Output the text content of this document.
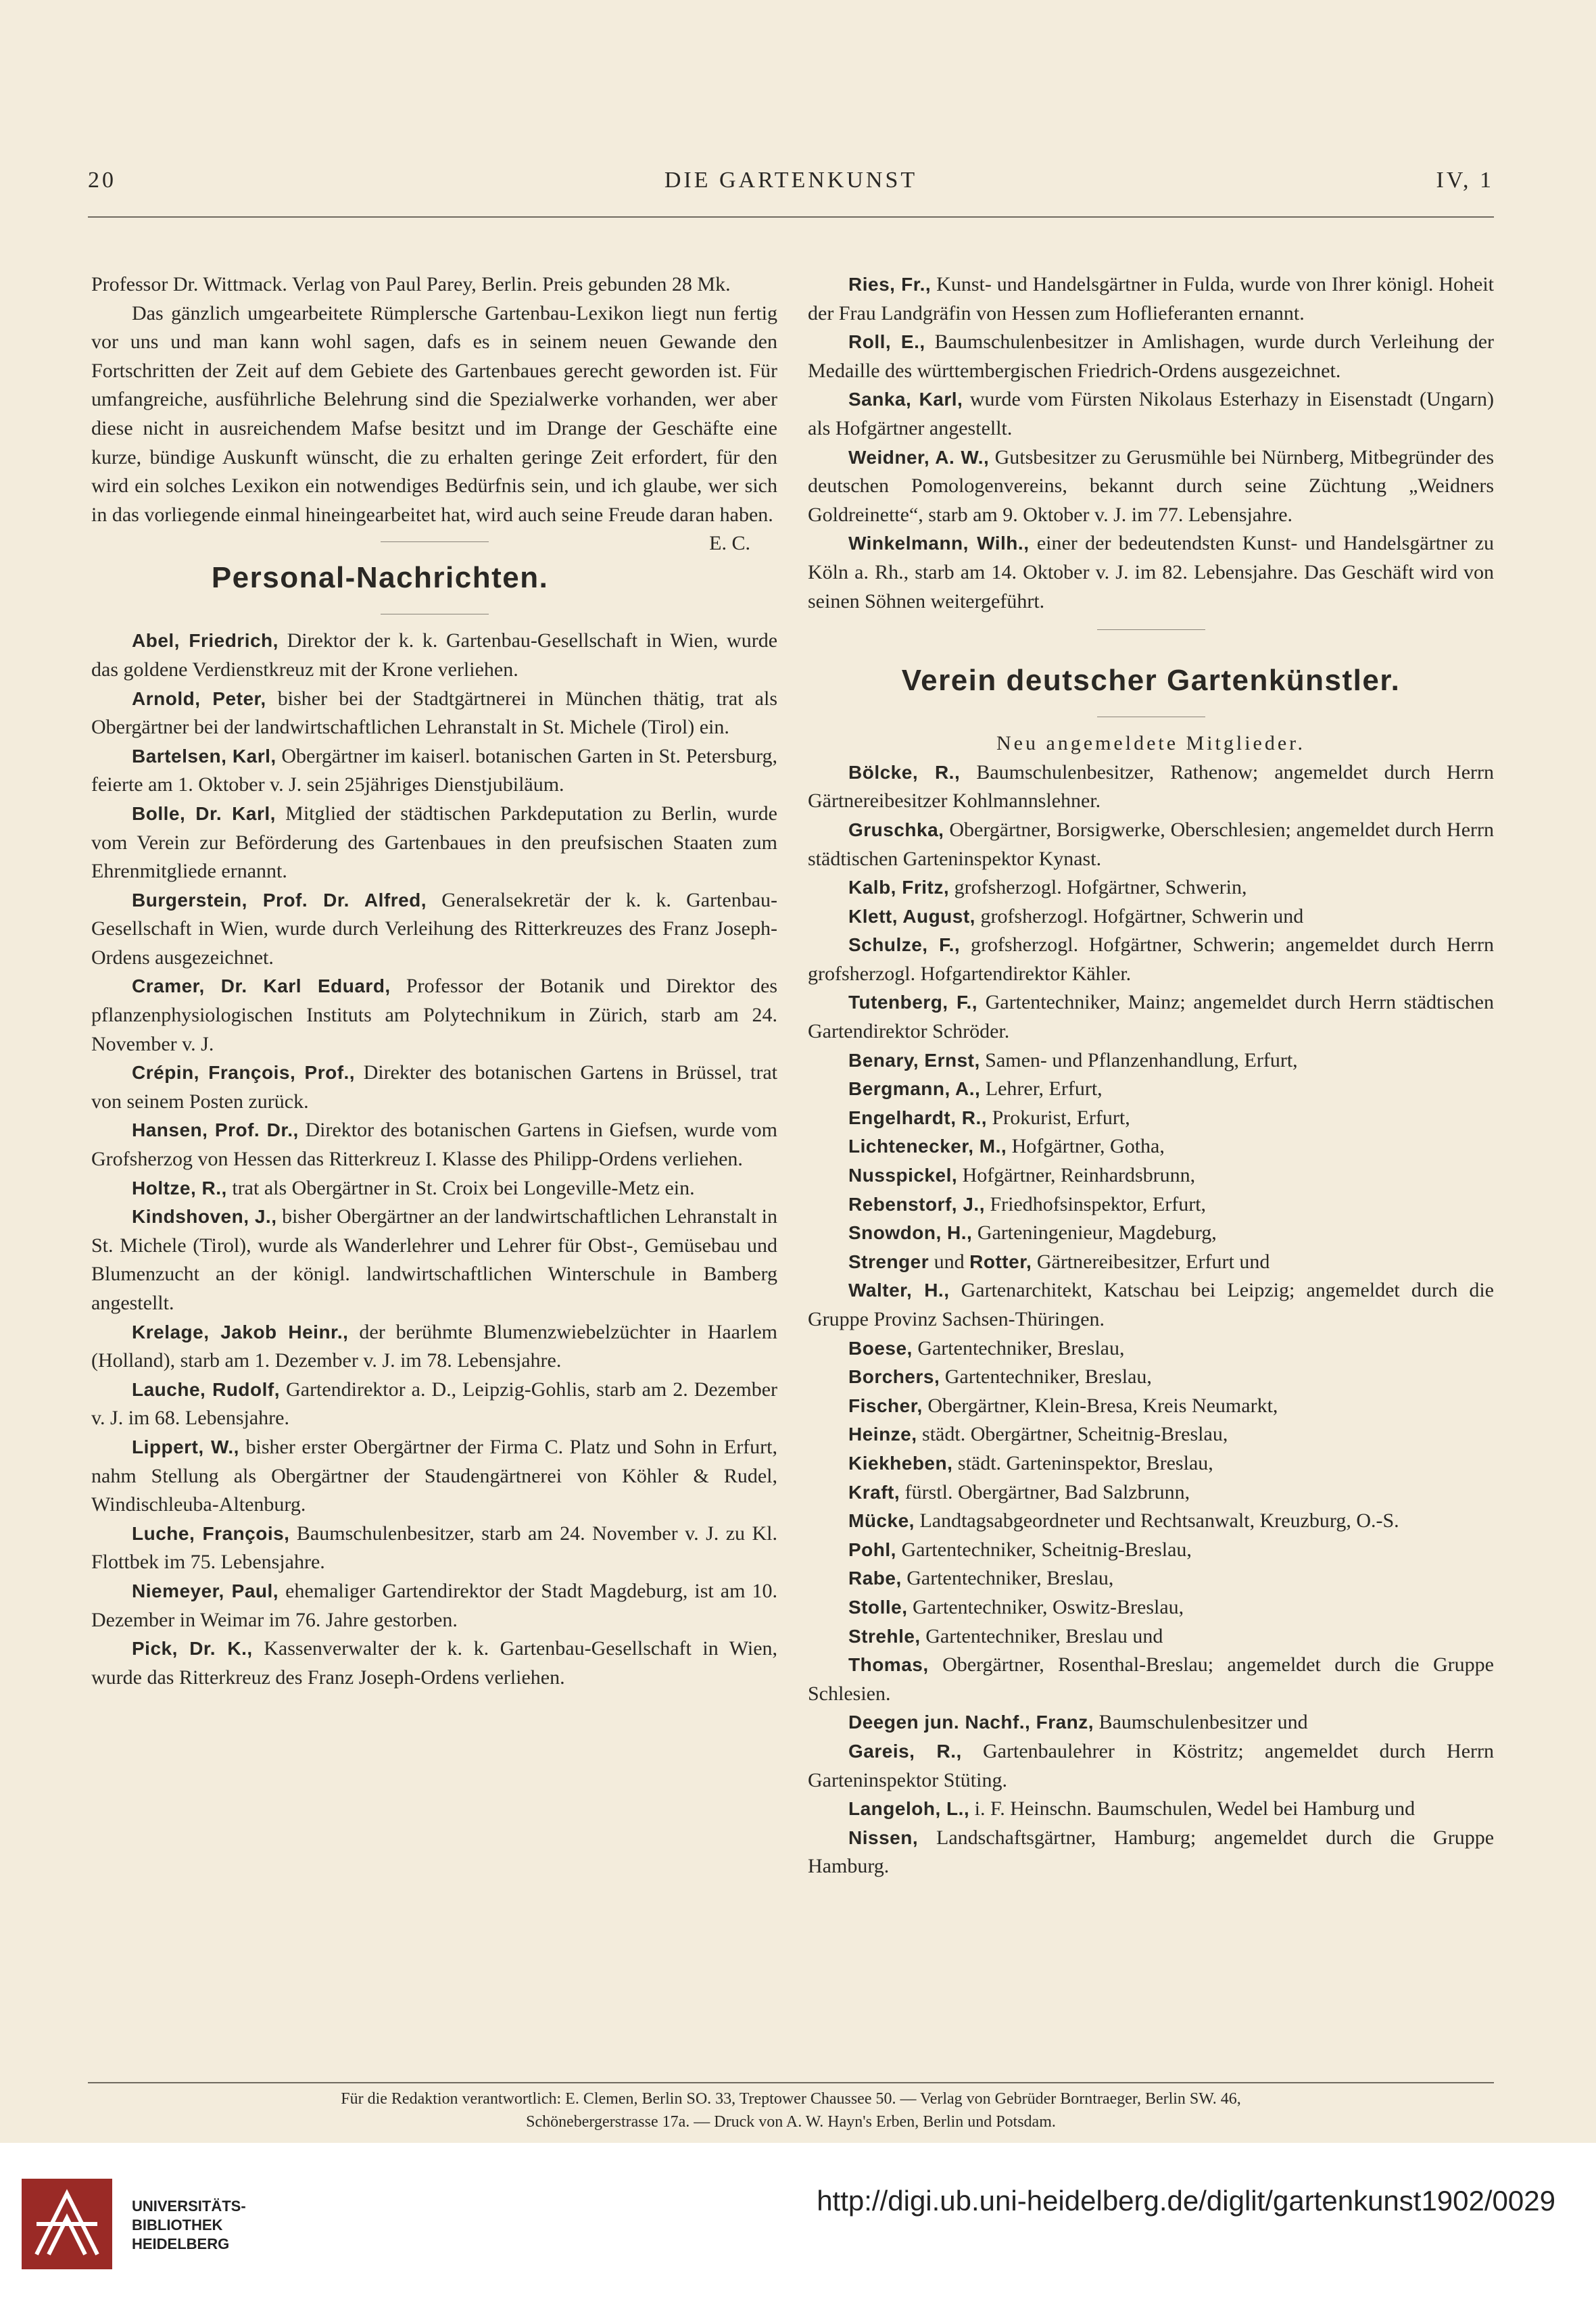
20	DIE GARTENKUNST	IV, 1

Professor Dr. Wittmack. Verlag von Paul Parey, Berlin. Preis gebunden 28 Mk.

Das gänzlich umgearbeitete Rümplersche Gartenbau-Lexikon liegt nun fertig vor uns und man kann wohl sagen, dafs es in seinem neuen Gewande den Fortschritten der Zeit auf dem Gebiete des Gartenbaues gerecht geworden ist. Für umfangreiche, ausführliche Belehrung sind die Spezialwerke vorhanden, wer aber diese nicht in ausreichendem Mafse besitzt und im Drange der Geschäfte eine kurze, bündige Auskunft wünscht, die zu erhalten geringe Zeit erfordert, für den wird ein solches Lexikon ein notwendiges Bedürfnis sein, und ich glaube, wer sich in das vorliegende einmal hineingearbeitet hat, wird auch seine Freude daran haben.
E. C.

Personal-Nachrichten.

Abel, Friedrich, Direktor der k. k. Gartenbau-Gesellschaft in Wien, wurde das goldene Verdienstkreuz mit der Krone verliehen.

Arnold, Peter, bisher bei der Stadtgärtnerei in München thätig, trat als Obergärtner bei der landwirtschaftlichen Lehranstalt in St. Michele (Tirol) ein.

Bartelsen, Karl, Obergärtner im kaiserl. botanischen Garten in St. Petersburg, feierte am 1. Oktober v. J. sein 25jähriges Dienstjubiläum.

Bolle, Dr. Karl, Mitglied der städtischen Parkdeputation zu Berlin, wurde vom Verein zur Beförderung des Gartenbaues in den preufsischen Staaten zum Ehrenmitgliede ernannt.

Burgerstein, Prof. Dr. Alfred, Generalsekretär der k. k. Gartenbau-Gesellschaft in Wien, wurde durch Verleihung des Ritterkreuzes des Franz Joseph-Ordens ausgezeichnet.

Cramer, Dr. Karl Eduard, Professor der Botanik und Direktor des pflanzenphysiologischen Instituts am Polytechnikum in Zürich, starb am 24. November v. J.

Crépin, François, Prof., Direkter des botanischen Gartens in Brüssel, trat von seinem Posten zurück.

Hansen, Prof. Dr., Direktor des botanischen Gartens in Giefsen, wurde vom Grofsherzog von Hessen das Ritterkreuz I. Klasse des Philipp-Ordens verliehen.

Holtze, R., trat als Obergärtner in St. Croix bei Longeville-Metz ein.

Kindshoven, J., bisher Obergärtner an der landwirtschaftlichen Lehranstalt in St. Michele (Tirol), wurde als Wanderlehrer und Lehrer für Obst-, Gemüsebau und Blumenzucht an der königl. landwirtschaftlichen Winterschule in Bamberg angestellt.

Krelage, Jakob Heinr., der berühmte Blumenzwiebelzüchter in Haarlem (Holland), starb am 1. Dezember v. J. im 78. Lebensjahre.

Lauche, Rudolf, Gartendirektor a. D., Leipzig-Gohlis, starb am 2. Dezember v. J. im 68. Lebensjahre.

Lippert, W., bisher erster Obergärtner der Firma C. Platz und Sohn in Erfurt, nahm Stellung als Obergärtner der Staudengärtnerei von Köhler & Rudel, Windischleuba-Altenburg.

Luche, François, Baumschulenbesitzer, starb am 24. November v. J. zu Kl. Flottbek im 75. Lebensjahre.

Niemeyer, Paul, ehemaliger Gartendirektor der Stadt Magdeburg, ist am 10. Dezember in Weimar im 76. Jahre gestorben.

Pick, Dr. K., Kassenverwalter der k. k. Gartenbau-Gesellschaft in Wien, wurde das Ritterkreuz des Franz Joseph-Ordens verliehen.

Ries, Fr., Kunst- und Handelsgärtner in Fulda, wurde von Ihrer königl. Hoheit der Frau Landgräfin von Hessen zum Hoflieferanten ernannt.

Roll, E., Baumschulenbesitzer in Amlishagen, wurde durch Verleihung der Medaille des württembergischen Friedrich-Ordens ausgezeichnet.

Sanka, Karl, wurde vom Fürsten Nikolaus Esterhazy in Eisenstadt (Ungarn) als Hofgärtner angestellt.

Weidner, A. W., Gutsbesitzer zu Gerusmühle bei Nürnberg, Mitbegründer des deutschen Pomologenvereins, bekannt durch seine Züchtung „Weidners Goldreinette“, starb am 9. Oktober v. J. im 77. Lebensjahre.

Winkelmann, Wilh., einer der bedeutendsten Kunst- und Handelsgärtner zu Köln a. Rh., starb am 14. Oktober v. J. im 82. Lebensjahre. Das Geschäft wird von seinen Söhnen weitergeführt.

Verein deutscher Gartenkünstler.

Neu angemeldete Mitglieder.

Bölcke, R., Baumschulenbesitzer, Rathenow; angemeldet durch Herrn Gärtnereibesitzer Kohlmannslehner.

Gruschka, Obergärtner, Borsigwerke, Oberschlesien; angemeldet durch Herrn städtischen Garteninspektor Kynast.

Kalb, Fritz, grofsherzogl. Hofgärtner, Schwerin,

Klett, August, grofsherzogl. Hofgärtner, Schwerin und

Schulze, F., grofsherzogl. Hofgärtner, Schwerin; angemeldet durch Herrn grofsherzogl. Hofgartendirektor Kähler.

Tutenberg, F., Gartentechniker, Mainz; angemeldet durch Herrn städtischen Gartendirektor Schröder.

Benary, Ernst, Samen- und Pflanzenhandlung, Erfurt,

Bergmann, A., Lehrer, Erfurt,

Engelhardt, R., Prokurist, Erfurt,

Lichtenecker, M., Hofgärtner, Gotha,

Nusspickel, Hofgärtner, Reinhardsbrunn,

Rebenstorf, J., Friedhofsinspektor, Erfurt,

Snowdon, H., Garteningenieur, Magdeburg,

Strenger und Rotter, Gärtnereibesitzer, Erfurt und

Walter, H., Gartenarchitekt, Katschau bei Leipzig; angemeldet durch die Gruppe Provinz Sachsen-Thüringen.

Boese, Gartentechniker, Breslau,

Borchers, Gartentechniker, Breslau,

Fischer, Obergärtner, Klein-Bresa, Kreis Neumarkt,

Heinze, städt. Obergärtner, Scheitnig-Breslau,

Kiekheben, städt. Garteninspektor, Breslau,

Kraft, fürstl. Obergärtner, Bad Salzbrunn,

Mücke, Landtagsabgeordneter und Rechtsanwalt, Kreuzburg, O.-S.

Pohl, Gartentechniker, Scheitnig-Breslau,

Rabe, Gartentechniker, Breslau,

Stolle, Gartentechniker, Oswitz-Breslau,

Strehle, Gartentechniker, Breslau und

Thomas, Obergärtner, Rosenthal-Breslau; angemeldet durch die Gruppe Schlesien.

Deegen jun. Nachf., Franz, Baumschulenbesitzer und

Gareis, R., Gartenbaulehrer in Köstritz; angemeldet durch Herrn Garteninspektor Stüting.

Langeloh, L., i. F. Heinschn. Baumschulen, Wedel bei Hamburg und

Nissen, Landschaftsgärtner, Hamburg; angemeldet durch die Gruppe Hamburg.

Für die Redaktion verantwortlich: E. Clemen, Berlin SO. 33, Treptower Chaussee 50. — Verlag von Gebrüder Borntraeger, Berlin SW. 46,
Schönebergerstrasse 17a. — Druck von A. W. Hayn's Erben, Berlin und Potsdam.
UNIVERSITÄTS-
BIBLIOTHEK
HEIDELBERG
http://digi.ub.uni-heidelberg.de/diglit/gartenkunst1902/0029
